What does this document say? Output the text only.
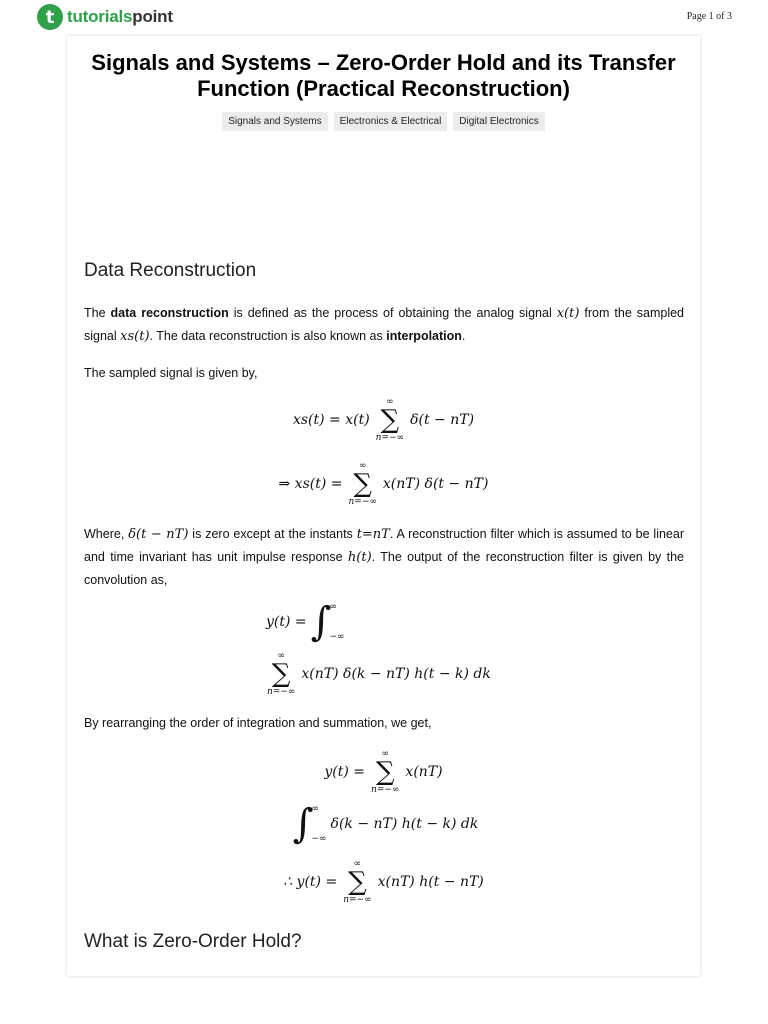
t tutorialspoint	Page 1 of 3
Signals and Systems – Zero-Order Hold and its Transfer Function (Practical Reconstruction)
Signals and Systems	Electronics & Electrical	Digital Electronics
Data Reconstruction
The data reconstruction is defined as the process of obtaining the analog signal x(t) from the sampled signal xs(t). The data reconstruction is also known as interpolation.
The sampled signal is given by,
xs(t) = x(t)
∞
∑
n=−∞
δ(t − nT)
⇒ xs(t) =
∞
∑
n=−∞
x(nT) δ(t − nT)
Where, δ(t − nT) is zero except at the instants t=nT. A reconstruction filter which is assumed to be linear and time invariant has unit impulse response h(t). The output of the reconstruction filter is given by the convolution as,
y(t) = ∫
∞
−∞
∞
∑
n=−∞
x(nT) δ(k − nT) h(t − k) dk
By rearranging the order of integration and summation, we get,
y(t) =
∞
∑
n=−∞
x(nT)
∫
∞
−∞
δ(k − nT) h(t − k) dk
∴ y(t) =
∞
∑
n=−∞
x(nT) h(t − nT)
What is Zero-Order Hold?
